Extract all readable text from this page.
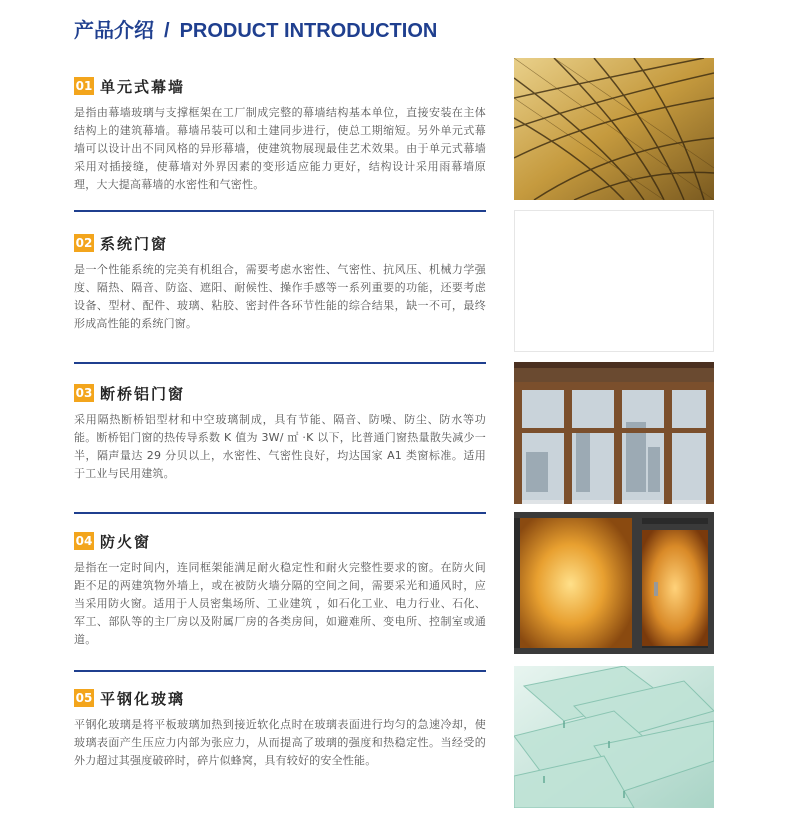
产品介绍 / PRODUCT INTRODUCTION
01 单元式幕墙
是指由幕墙玻璃与支撑框架在工厂制成完整的幕墙结构基本单位，直接安装在主体结构上的建筑幕墙。幕墙吊装可以和土建同步进行，使总工期缩短。另外单元式幕墙可以设计出不同风格的异形幕墙，使建筑物展现最佳艺术效果。由于单元式幕墙采用对插接缝，使幕墙对外界因素的变形适应能力更好，结构设计采用雨幕墙原理，大大提高幕墙的水密性和气密性。
02 系统门窗
是一个性能系统的完美有机组合，需要考虑水密性、气密性、抗风压、机械力学强度、隔热、隔音、防盗、遮阳、耐候性、操作手感等一系列重要的功能，还要考虑设备、型材、配件、玻璃、粘胶、密封件各环节性能的综合结果，缺一不可，最终形成高性能的系统门窗。
03 断桥铝门窗
采用隔热断桥铝型材和中空玻璃制成，具有节能、隔音、防噪、防尘、防水等功能。断桥铝门窗的热传导系数 K 值为 3W/ ㎡ ·K 以下，比普通门窗热量散失减少一半，隔声量达 29 分贝以上，水密性、气密性良好，均达国家 A1 类窗标准。适用于工业与民用建筑。
04 防火窗
是指在一定时间内，连同框架能满足耐火稳定性和耐火完整性要求的窗。在防火间距不足的两建筑物外墙上，或在被防火墙分隔的空间之间，需要采光和通风时，应当采用防火窗。适用于人员密集场所、工业建筑 ，如石化工业、电力行业、石化、军工、部队等的主厂房以及附属厂房的各类房间，如避难所、变电所、控制室或通道。
05 平钢化玻璃
平钢化玻璃是将平板玻璃加热到接近软化点时在玻璃表面进行均匀的急速冷却，使玻璃表面产生压应力内部为张应力，从而提高了玻璃的强度和热稳定性。当经受的外力超过其强度破碎时，碎片似蜂窝，具有较好的安全性能。
